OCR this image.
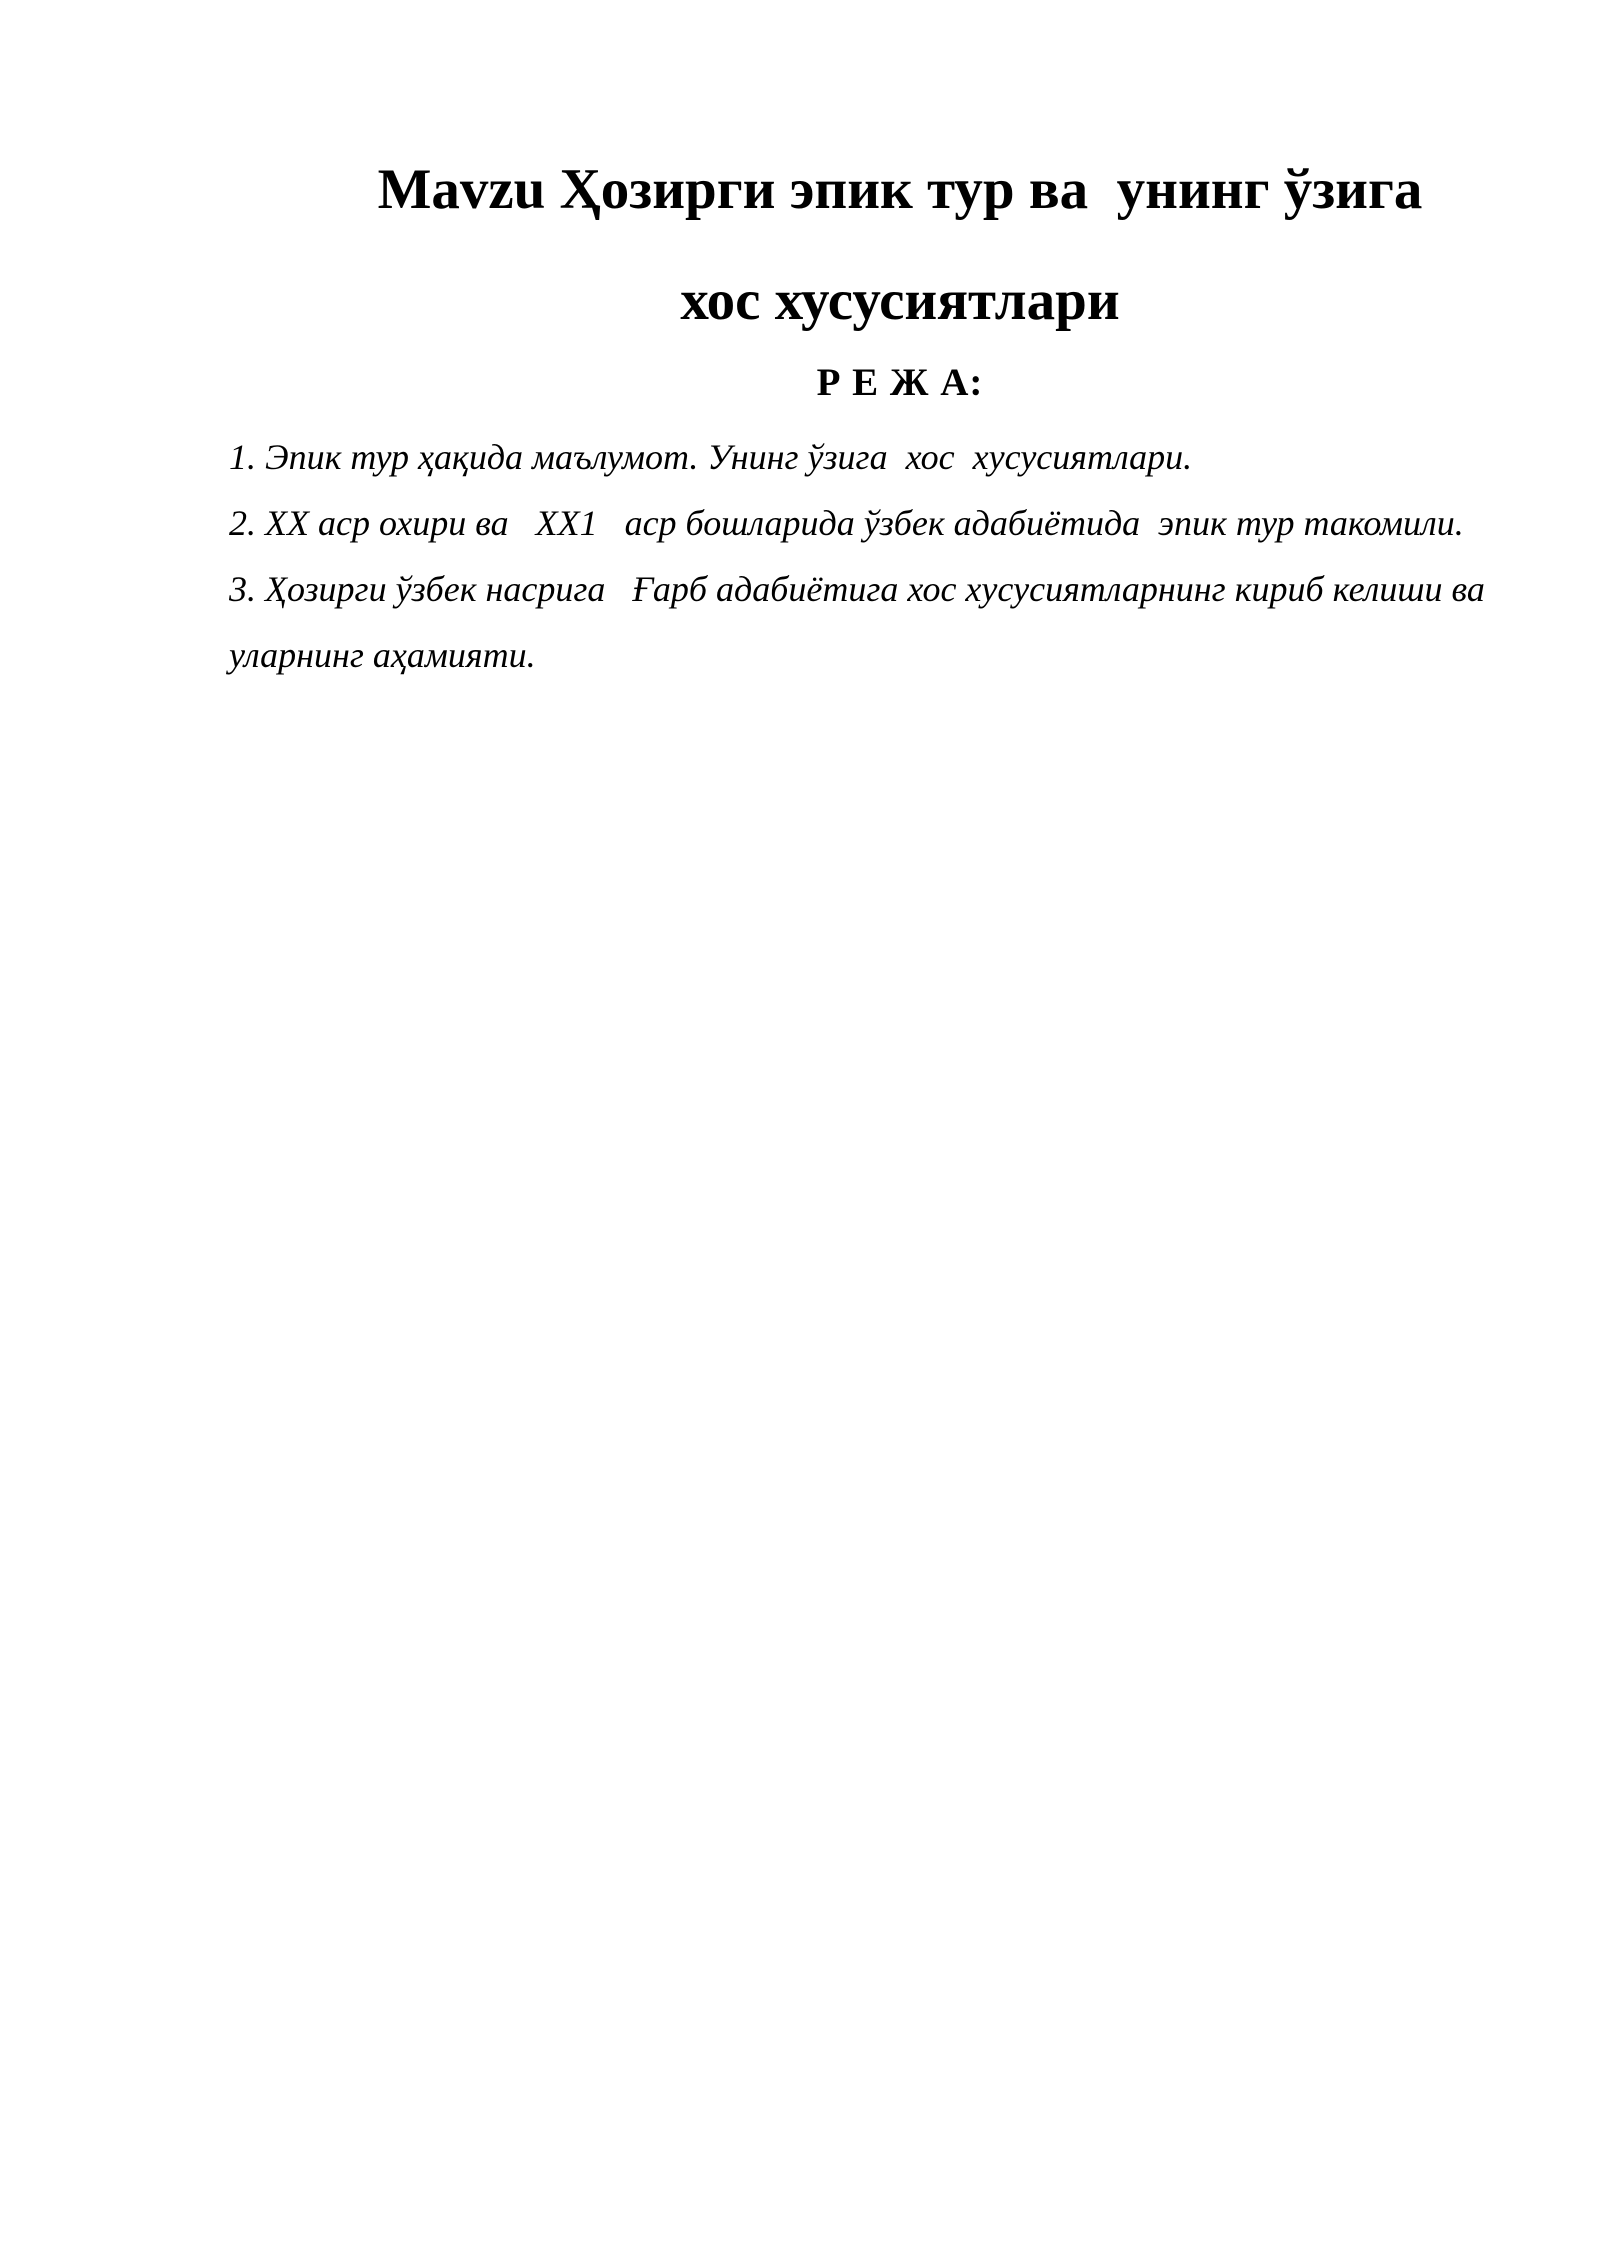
Mavzu Ҳозирги эпик тур ва  унинг ўзига
хос хусусиятлари
Р Е Ж А:
1. Эпик тур ҳақида маълумот. Унинг ўзига  хос  хусусиятлари.
2. ХХ аср охири ва   ХХ1   аср бошларида ўзбек адабиётида  эпик тур такомили.
3. Ҳозирги ўзбек насрига   Ғарб адабиётига хос хусусиятларнинг кириб келиши ва уларнинг аҳамияти.
